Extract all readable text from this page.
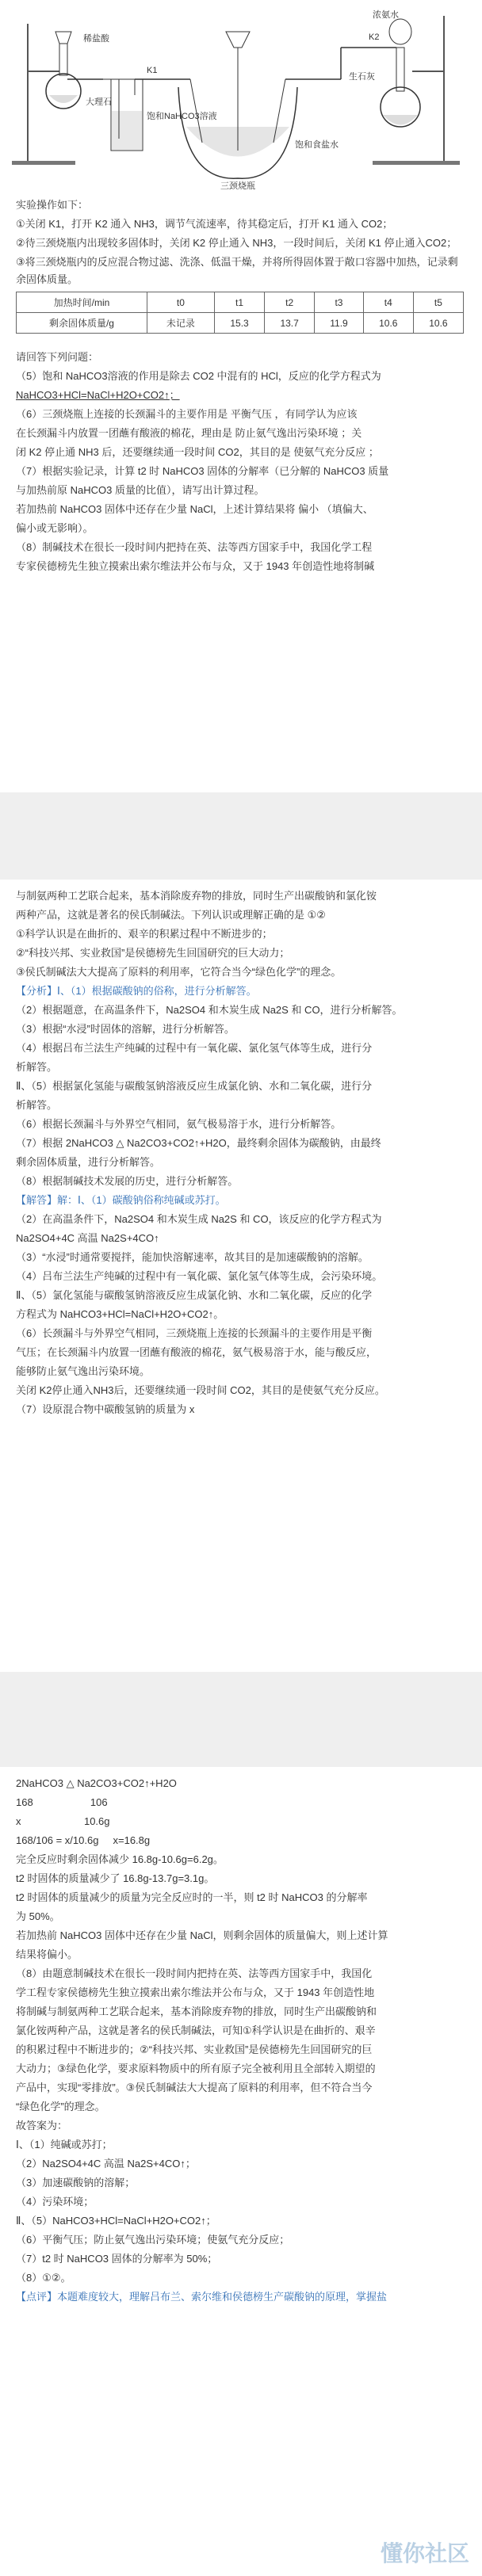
稀盐酸
大理石
K1
饱和NaHCO3溶液
饱和食盐水
三颈烧瓶
浓氨水
K2
生石灰
实验操作如下：
①关闭 K1，打开 K2 通入 NH3，调节气流速率，待其稳定后，打开 K1 通入 CO2；
②待三颈烧瓶内出现较多固体时，关闭 K2 停止通入 NH3，一段时间后，关闭 K1 停止通入CO2；
③将三颈烧瓶内的反应混合物过滤、洗涤、低温干燥，并将所得固体置于敞口容器中加热，记录剩余固体质量。
加热时间/min	t0	t1	t2	t3	t4	t5
剩余固体质量/g	未记录	15.3	13.7	11.9	10.6	10.6
请回答下列问题：
（5）饱和 NaHCO3溶液的作用是除去 CO2 中混有的 HCl，反应的化学方程式为
NaHCO3+HCl=NaCl+H2O+CO2↑；
（6）三颈烧瓶上连接的长颈漏斗的主要作用是 平衡气压 ，有同学认为应该
在长颈漏斗内放置一团蘸有酸液的棉花，理由是 防止氨气逸出污染环境 ；关
闭 K2 停止通 NH3 后，还要继续通一段时间 CO2，其目的是 使氨气充分反应 ；
（7）根据实验记录，计算 t2 时 NaHCO3 固体的分解率（已分解的 NaHCO3 质量
与加热前原 NaHCO3 质量的比值），请写出计算过程。
若加热前 NaHCO3 固体中还存在少量 NaCl，上述计算结果将 偏小 （填偏大、
偏小或无影响）。
（8）制碱技术在很长一段时间内把持在英、法等西方国家手中，我国化学工程
专家侯德榜先生独立摸索出索尔维法并公布与众，又于 1943 年创造性地将制碱
与制氨两种工艺联合起来，基本消除废弃物的排放，同时生产出碳酸钠和氯化铵
两种产品，这就是著名的侯氏制碱法。下列认识或理解正确的是 ①②
①科学认识是在曲折的、艰辛的积累过程中不断进步的；
②“科技兴邦、实业救国”是侯德榜先生回国研究的巨大动力；
③侯氏制碱法大大提高了原料的利用率，它符合当今“绿色化学”的理念。
【分析】Ⅰ、（1）根据碳酸钠的俗称，进行分析解答。
（2）根据题意，在高温条件下，Na2SO4 和木炭生成 Na2S 和 CO，进行分析解答。
（3）根据“水浸”时固体的溶解，进行分析解答。
（4）根据吕布兰法生产纯碱的过程中有一氧化碳、氯化氢气体等生成，进行分
析解答。
Ⅱ、（5）根据氯化氢能与碳酸氢钠溶液反应生成氯化钠、水和二氧化碳，进行分
析解答。
（6）根据长颈漏斗与外界空气相同，氨气极易溶于水，进行分析解答。
（7）根据 2NaHCO3 △ Na2CO3+CO2↑+H2O，最终剩余固体为碳酸钠，由最终
剩余固体质量，进行分析解答。
（8）根据制碱技术发展的历史，进行分析解答。
【解答】解：Ⅰ、（1）碳酸钠俗称纯碱或苏打。
（2）在高温条件下，Na2SO4 和木炭生成 Na2S 和 CO，该反应的化学方程式为
Na2SO4+4C 高温 Na2S+4CO↑
（3）“水浸”时通常要搅拌，能加快溶解速率，故其目的是加速碳酸钠的溶解。
（4）吕布兰法生产纯碱的过程中有一氧化碳、氯化氢气体等生成，会污染环境。
Ⅱ、（5）氯化氢能与碳酸氢钠溶液反应生成氯化钠、水和二氧化碳，反应的化学
方程式为 NaHCO3+HCl=NaCl+H2O+CO2↑。
（6）长颈漏斗与外界空气相同，三颈烧瓶上连接的长颈漏斗的主要作用是平衡
气压；在长颈漏斗内放置一团蘸有酸液的棉花，氨气极易溶于水，能与酸反应，
能够防止氨气逸出污染环境。
关闭 K2停止通入NH3后，还要继续通一段时间 CO2，其目的是使氨气充分反应。
（7）设原混合物中碳酸氢钠的质量为 x
2NaHCO3 △ Na2CO3+CO2↑+H2O
168                    106
x                      10.6g
168/106 = x/10.6g     x=16.8g
完全反应时剩余固体减少 16.8g-10.6g=6.2g。
t2 时固体的质量减少了 16.8g-13.7g=3.1g。
t2 时固体的质量减少的质量为完全反应时的一半，则 t2 时 NaHCO3 的分解率
为 50%。
若加热前 NaHCO3 固体中还存在少量 NaCl，则剩余固体的质量偏大，则上述计算
结果将偏小。
（8）由题意制碱技术在很长一段时间内把持在英、法等西方国家手中，我国化
学工程专家侯德榜先生独立摸索出索尔维法并公布与众，又于 1943 年创造性地
将制碱与制氨两种工艺联合起来，基本消除废弃物的排放，同时生产出碳酸钠和
氯化铵两种产品，这就是著名的侯氏制碱法，可知①科学认识是在曲折的、艰辛
的积累过程中不断进步的；②“科技兴邦、实业救国”是侯德榜先生回国研究的巨
大动力；③绿色化学，要求原料物质中的所有原子完全被利用且全部转入期望的
产品中，实现“零排放”。③侯氏制碱法大大提高了原料的利用率，但不符合当今
“绿色化学”的理念。
故答案为：
Ⅰ、（1）纯碱或苏打；
（2）Na2SO4+4C 高温 Na2S+4CO↑；
（3）加速碳酸钠的溶解；
（4）污染环境；
Ⅱ、（5）NaHCO3+HCl=NaCl+H2O+CO2↑；
（6）平衡气压；防止氨气逸出污染环境；使氨气充分反应；
（7）t2 时 NaHCO3 固体的分解率为 50%；
（8）①②。
【点评】本题难度较大，理解吕布兰、索尔维和侯德榜生产碳酸钠的原理，掌握盐
懂你社区
